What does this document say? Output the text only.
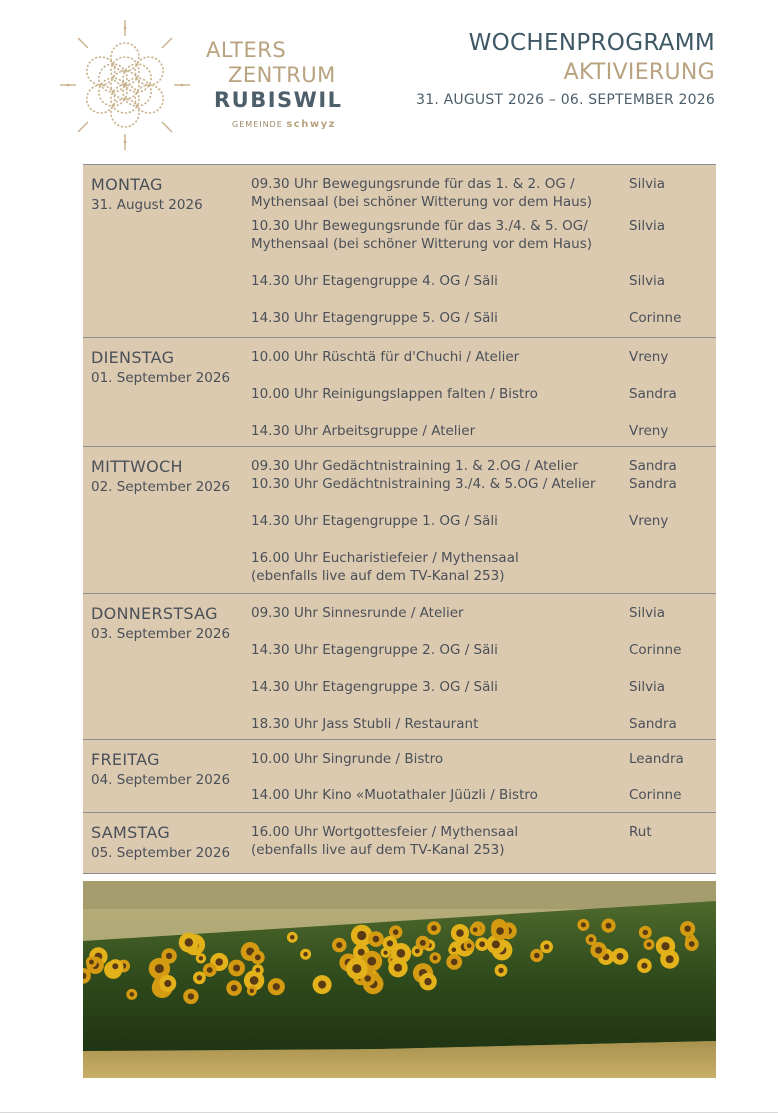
ALTERS
ZENTRUM
RUBISWIL
GEMEINDE schwyz
WOCHENPROGRAMM
AKTIVIERUNG
31. AUGUST 2026 – 06. SEPTEMBER 2026
MONTAG
31. August 2026
09.30 Uhr Bewegungsrunde für das 1. & 2. OG /
Mythensaal (bei schöner Witterung vor dem Haus)
Silvia
10.30 Uhr Bewegungsrunde für das 3./4. & 5. OG/
Mythensaal (bei schöner Witterung vor dem Haus)
Silvia
14.30 Uhr Etagengruppe 4. OG / Säli	Silvia
14.30 Uhr Etagengruppe 5. OG / Säli	Corinne
DIENSTAG
01. September 2026
10.00 Uhr Rüschtä für d'Chuchi / Atelier	Vreny
10.00 Uhr Reinigungslappen falten / Bistro	Sandra
14.30 Uhr Arbeitsgruppe / Atelier	Vreny
MITTWOCH
02. September 2026
09.30 Uhr Gedächtnistraining 1. & 2.OG / Atelier	Sandra
10.30 Uhr Gedächtnistraining 3./4. & 5.OG / Atelier Sandra
14.30 Uhr Etagengruppe 1. OG / Säli	Vreny
16.00 Uhr Eucharistiefeier / Mythensaal
(ebenfalls live auf dem TV-Kanal 253)
DONNERSTSAG
03. September 2026
09.30 Uhr Sinnesrunde / Atelier	Silvia
14.30 Uhr Etagengruppe 2. OG / Säli	Corinne
14.30 Uhr Etagengruppe 3. OG / Säli	Silvia
18.30 Uhr Jass Stubli / Restaurant	Sandra
FREITAG
04. September 2026
10.00 Uhr Singrunde / Bistro	Leandra
14.00 Uhr Kino «Muotathaler Jüüzli / Bistro	Corinne
SAMSTAG
05. September 2026
16.00 Uhr Wortgottesfeier / Mythensaal
(ebenfalls live auf dem TV-Kanal 253)
Rut
